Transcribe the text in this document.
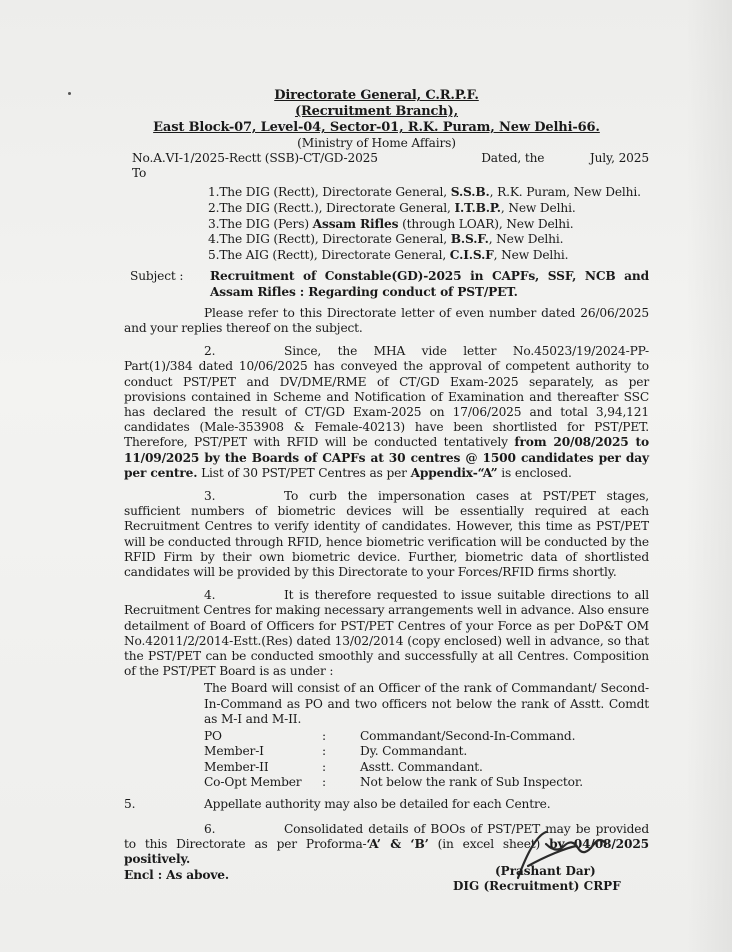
Directorate General, C.R.P.F.
(Recruitment Branch),
East Block-07, Level-04, Sector-01, R.K. Puram, New Delhi-66.
(Ministry of Home Affairs)
No.A.VI-1/2025-Rectt (SSB)-CT/GD-2025	Dated, the	July, 2025
To
1.The DIG (Rectt), Directorate General, S.S.B., R.K. Puram, New Delhi.
2.The DIG (Rectt.), Directorate General, I.T.B.P., New Delhi.
3.The DIG (Pers) Assam Rifles (through LOAR), New Delhi.
4.The DIG (Rectt), Directorate General, B.S.F., New Delhi.
5.The AIG (Rectt), Directorate General, C.I.S.F, New Delhi.
Subject :	Recruitment of Constable(GD)-2025 in CAPFs, SSF, NCB and Assam Rifles : Regarding conduct of PST/PET.

Please refer to this Directorate letter of even number dated 26/06/2025 and your replies thereof on the subject.

2.	Since, the MHA vide letter No.45023/19/2024-PP-Part(1)/384 dated 10/06/2025 has conveyed the approval of competent authority to conduct PST/PET and DV/DME/RME of CT/GD Exam-2025 separately, as per provisions contained in Scheme and Notification of Examination and thereafter SSC has declared the result of CT/GD Exam-2025 on 17/06/2025 and total 3,94,121 candidates (Male-353908 & Female-40213) have been shortlisted for PST/PET. Therefore, PST/PET with RFID will be conducted tentatively from 20/08/2025 to 11/09/2025 by the Boards of CAPFs at 30 centres @ 1500 candidates per day per centre. List of 30 PST/PET Centres as per Appendix-“A” is enclosed.

3.	To curb the impersonation cases at PST/PET stages, sufficient numbers of biometric devices will be essentially required at each Recruitment Centres to verify identity of candidates. However, this time as PST/PET will be conducted through RFID, hence biometric verification will be conducted by the RFID Firm by their own biometric device. Further, biometric data of shortlisted candidates will be provided by this Directorate to your Forces/RFID firms shortly.

4.	It is therefore requested to issue suitable directions to all Recruitment Centres for making necessary arrangements well in advance. Also ensure detailment of Board of Officers for PST/PET Centres of your Force as per DoP&T OM No.42011/2/2014-Estt.(Res) dated 13/02/2014 (copy enclosed) well in advance, so that the PST/PET can be conducted smoothly and successfully at all Centres. Composition of the PST/PET Board is as under :

The Board will consist of an Officer of the rank of Commandant/ Second-In-Command as PO and two officers not below the rank of Asstt. Comdt as M-I and M-II.

PO	:	Commandant/Second-In-Command.
Member-I	:	Dy. Commandant.
Member-II	:	Asstt. Commandant.
Co-Opt Member	:	Not below the rank of Sub Inspector.

5.	Appellate authority may also be detailed for each Centre.

6.	Consolidated details of BOOs of PST/PET may be provided to this Directorate as per Proforma-‘A’ & ‘B’ (in excel sheet) by 04/08/2025 positively.

Encl : As above.	(Prashant Dar)
DIG (Recruitment) CRPF
